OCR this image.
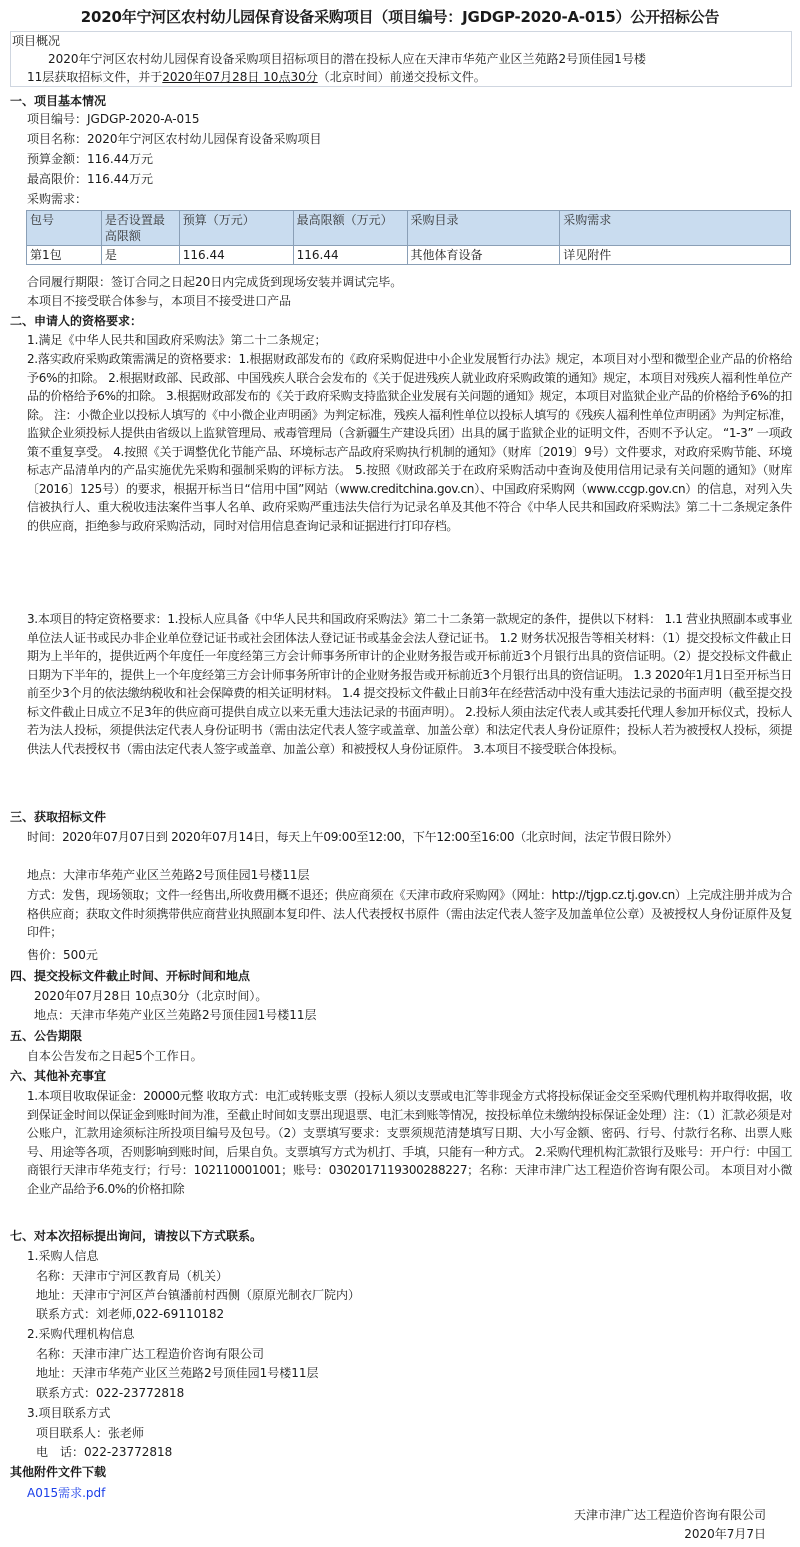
2020年宁河区农村幼儿园保育设备采购项目（项目编号：JGDGP-2020-A-015）公开招标公告
项目概况
2020年宁河区农村幼儿园保育设备采购项目招标项目的潜在投标人应在天津市华苑产业区兰苑路2号顶佳园1号楼
11层获取招标文件，并于2020年07月28日 10点30分（北京时间）前递交投标文件。
一、项目基本情况
项目编号：JGDGP-2020-A-015
项目名称：2020年宁河区农村幼儿园保育设备采购项目
预算金额：116.44万元
最高限价：116.44万元
采购需求：
包号	是否设置最高限额	预算（万元）	最高限额（万元）	采购目录	采购需求
第1包	是	116.44	116.44	其他体育设备	详见附件
合同履行期限：签订合同之日起20日内完成货到现场安装并调试完毕。
本项目不接受联合体参与，本项目不接受进口产品
二、申请人的资格要求：
1.满足《中华人民共和国政府采购法》第二十二条规定；
2.落实政府采购政策需满足的资格要求：1.根据财政部发布的《政府采购促进中小企业发展暂行办法》规定，本项目对小型和微型企业产品的价格给予6%的扣除。 2.根据财政部、民政部、中国残疾人联合会发布的《关于促进残疾人就业政府采购政策的通知》规定，本项目对残疾人福利性单位产品的价格给予6%的扣除。 3.根据财政部发布的《关于政府采购支持监狱企业发展有关问题的通知》规定，本项目对监狱企业产品的价格给予6%的扣除。 注：小微企业以投标人填写的《中小微企业声明函》为判定标准，残疾人福利性单位以投标人填写的《残疾人福利性单位声明函》为判定标准，监狱企业须投标人提供由省级以上监狱管理局、戒毒管理局（含新疆生产建设兵团）出具的属于监狱企业的证明文件，否则不予认定。 “1-3” 一项政策不重复享受。 4.按照《关于调整优化节能产品、环境标志产品政府采购执行机制的通知》（财库〔2019〕9号）文件要求，对政府采购节能、环境标志产品清单内的产品实施优先采购和强制采购的评标方法。 5.按照《财政部关于在政府采购活动中查询及使用信用记录有关问题的通知》（财库〔2016〕125号）的要求，根据开标当日“信用中国”网站（www.creditchina.gov.cn）、中国政府采购网（www.ccgp.gov.cn）的信息，对列入失信被执行人、重大税收违法案件当事人名单、政府采购严重违法失信行为记录名单及其他不符合《中华人民共和国政府采购法》第二十二条规定条件的供应商，拒绝参与政府采购活动，同时对信用信息查询记录和证据进行打印存档。
3.本项目的特定资格要求：1.投标人应具备《中华人民共和国政府采购法》第二十二条第一款规定的条件，提供以下材料： 1.1 营业执照副本或事业单位法人证书或民办非企业单位登记证书或社会团体法人登记证书或基金会法人登记证书。 1.2 财务状况报告等相关材料：（1）提交投标文件截止日期为上半年的，提供近两个年度任一年度经第三方会计师事务所审计的企业财务报告或开标前近3个月银行出具的资信证明。（2）提交投标文件截止日期为下半年的，提供上一个年度经第三方会计师事务所审计的企业财务报告或开标前近3个月银行出具的资信证明。 1.3 2020年1月1日至开标当日前至少3个月的依法缴纳税收和社会保障费的相关证明材料。 1.4 提交投标文件截止日前3年在经营活动中没有重大违法记录的书面声明（截至提交投标文件截止日成立不足3年的供应商可提供自成立以来无重大违法记录的书面声明）。 2.投标人须由法定代表人或其委托代理人参加开标仪式，投标人若为法人投标，须提供法定代表人身份证明书（需由法定代表人签字或盖章、加盖公章）和法定代表人身份证原件；投标人若为被授权人投标，须提供法人代表授权书（需由法定代表人签字或盖章、加盖公章）和被授权人身份证原件。 3.本项目不接受联合体投标。
三、获取招标文件
时间：2020年07月07日到 2020年07月14日，每天上午09:00至12:00，下午12:00至16:00（北京时间，法定节假日除外）
地点：大津市华苑产业区兰苑路2号顶佳园1号楼11层
方式：发售，现场领取；文件一经售出,所收费用概不退还；供应商须在《天津市政府采购网》（网址：http://tjgp.cz.tj.gov.cn）上完成注册并成为合格供应商；获取文件时须携带供应商营业执照副本复印件、法人代表授权书原件（需由法定代表人签字及加盖单位公章）及被授权人身份证原件及复印件；
售价：500元
四、提交投标文件截止时间、开标时间和地点
2020年07月28日 10点30分（北京时间）。
地点：天津市华苑产业区兰苑路2号顶佳园1号楼11层
五、公告期限
自本公告发布之日起5个工作日。
六、其他补充事宜
1.本项目收取保证金：20000元整 收取方式：电汇或转账支票（投标人须以支票或电汇等非现金方式将投标保证金交至采购代理机构并取得收据，收到保证金时间以保证金到账时间为准，至截止时间如支票出现退票、电汇未到账等情况，按投标单位未缴纳投标保证金处理）注：（1）汇款必须是对公账户，汇款用途须标注所投项目编号及包号。（2）支票填写要求：支票须规范清楚填写日期、大小写金额、密码、行号、付款行名称、出票人账号、用途等各项，否则影响到账时间，后果自负。支票填写方式为机打、手填，只能有一种方式。 2.采购代理机构汇款银行及账号：开户行：中国工商银行天津市华苑支行；行号：102110001001；账号：0302017119300288227；名称：天津市津广达工程造价咨询有限公司。 本项目对小微企业产品给予6.0%的价格扣除
七、对本次招标提出询问，请按以下方式联系。
1.采购人信息
名称：天津市宁河区教育局（机关）
地址：天津市宁河区芦台镇潘前村西侧（原原光制衣厂院内）
联系方式：刘老师,022-69110182
2.采购代理机构信息
名称：天津市津广达工程造价咨询有限公司
地址：天津市华苑产业区兰苑路2号顶佳园1号楼11层
联系方式：022-23772818
3.项目联系方式
项目联系人：张老师
电　话：022-23772818
其他附件文件下载
A015需求.pdf
天津市津广达工程造价咨询有限公司
2020年7月7日
